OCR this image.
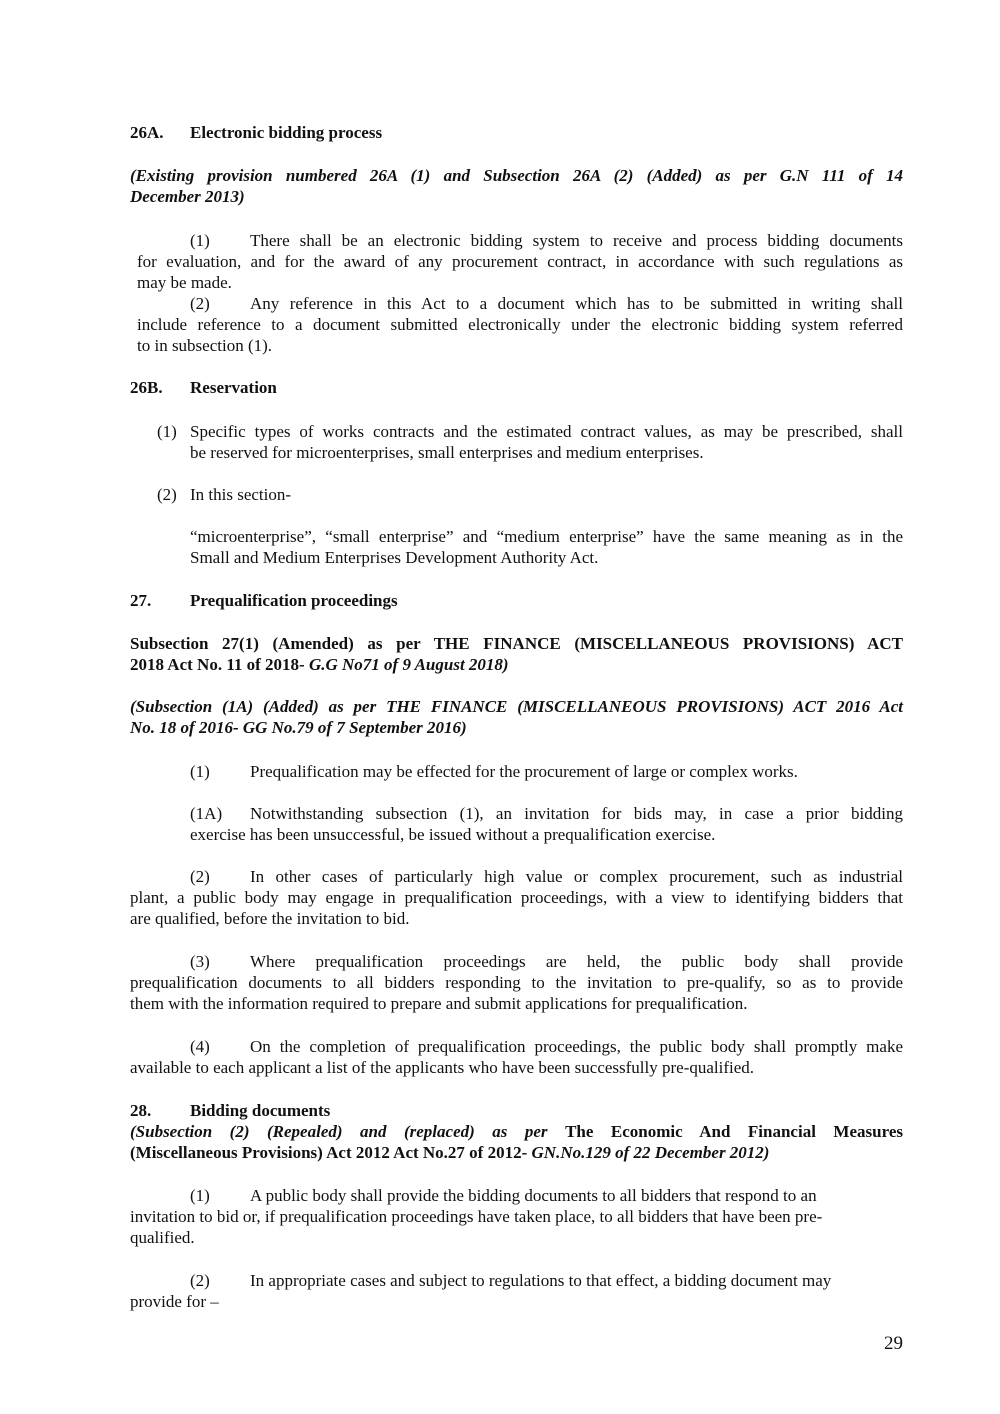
26A. Electronic bidding process
(Existing provision numbered 26A (1) and Subsection 26A (2) (Added) as per G.N 111 of 14
December 2013)
(1) There shall be an electronic bidding system to receive and process bidding documents
for evaluation, and for the award of any procurement contract, in accordance with such regulations as
may be made.
(2) Any reference in this Act to a document which has to be submitted in writing shall
include reference to a document submitted electronically under the electronic bidding system referred
to in subsection (1).
26B. Reservation
(1) Specific types of works contracts and the estimated contract values, as may be prescribed, shall
be reserved for microenterprises, small enterprises and medium enterprises.
(2) In this section-
“microenterprise”, “small enterprise” and “medium enterprise” have the same meaning as in the
Small and Medium Enterprises Development Authority Act.
27. Prequalification proceedings
Subsection 27(1) (Amended) as per THE FINANCE (MISCELLANEOUS PROVISIONS) ACT
2018 Act No. 11 of 2018- G.G No71 of 9 August 2018)
(Subsection (1A) (Added) as per THE FINANCE (MISCELLANEOUS PROVISIONS) ACT 2016 Act
No. 18 of 2016- GG No.79 of 7 September 2016)
(1) Prequalification may be effected for the procurement of large or complex works.
(1A) Notwithstanding subsection (1), an invitation for bids may, in case a prior bidding
exercise has been unsuccessful, be issued without a prequalification exercise.
(2) In other cases of particularly high value or complex procurement, such as industrial
plant, a public body may engage in prequalification proceedings, with a view to identifying bidders that
are qualified, before the invitation to bid.
(3) Where prequalification proceedings are held, the public body shall provide
prequalification documents to all bidders responding to the invitation to pre-qualify, so as to provide
them with the information required to prepare and submit applications for prequalification.
(4) On the completion of prequalification proceedings, the public body shall promptly make
available to each applicant a list of the applicants who have been successfully pre-qualified.
28. Bidding documents
(Subsection (2) (Repealed) and (replaced) as per The Economic And Financial Measures
(Miscellaneous Provisions) Act 2012 Act No.27 of 2012- GN.No.129 of 22 December 2012)
(1) A public body shall provide the bidding documents to all bidders that respond to an
invitation to bid or, if prequalification proceedings have taken place, to all bidders that have been pre-
qualified.
(2) In appropriate cases and subject to regulations to that effect, a bidding document may
provide for –
29
